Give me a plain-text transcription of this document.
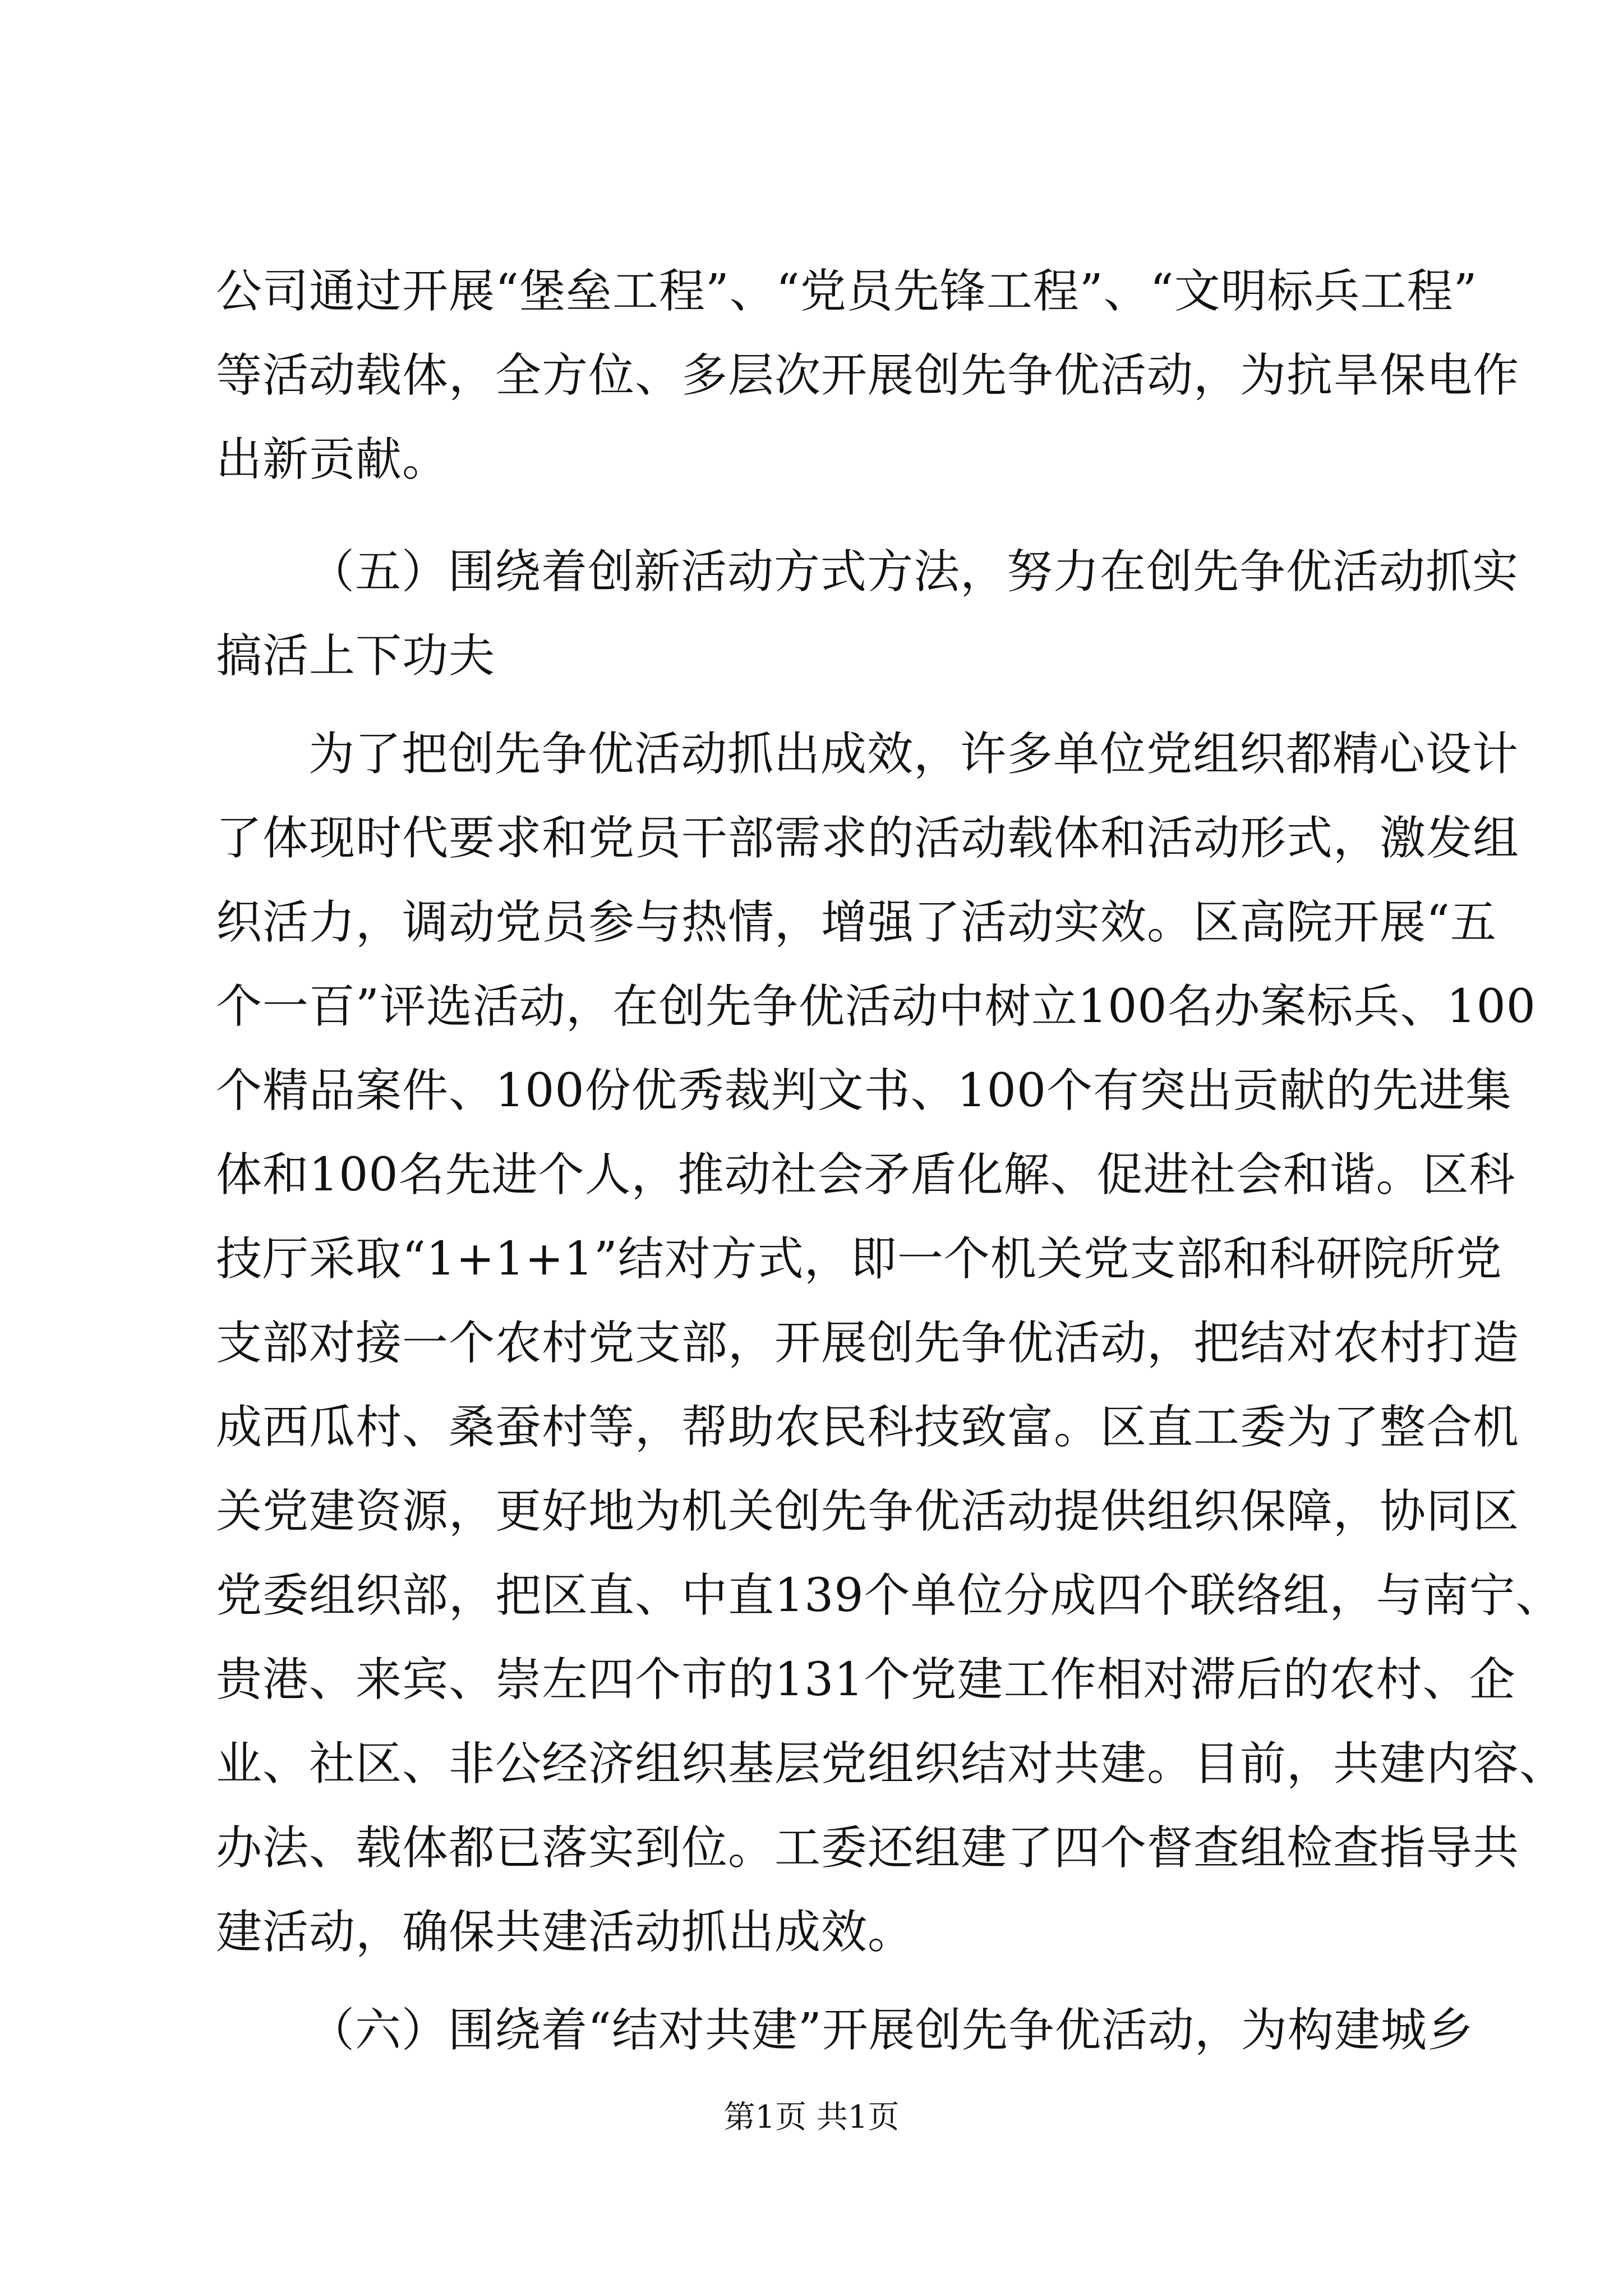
公司通过开展“堡垒工程”、“党员先锋工程”、“文明标兵工程”
等活动载体，全方位、多层次开展创先争优活动，为抗旱保电作
出新贡献。
（五）围绕着创新活动方式方法，努力在创先争优活动抓实
搞活上下功夫
为了把创先争优活动抓出成效，许多单位党组织都精心设计
了体现时代要求和党员干部需求的活动载体和活动形式，激发组
织活力，调动党员参与热情，增强了活动实效。区高院开展“五
个一百”评选活动，在创先争优活动中树立100名办案标兵、100
个精品案件、100份优秀裁判文书、100个有突出贡献的先进集
体和100名先进个人，推动社会矛盾化解、促进社会和谐。区科
技厅采取“1+1+1”结对方式，即一个机关党支部和科研院所党
支部对接一个农村党支部，开展创先争优活动，把结对农村打造
成西瓜村、桑蚕村等，帮助农民科技致富。区直工委为了整合机
关党建资源，更好地为机关创先争优活动提供组织保障，协同区
党委组织部，把区直、中直139个单位分成四个联络组，与南宁、
贵港、来宾、崇左四个市的131个党建工作相对滞后的农村、企
业、社区、非公经济组织基层党组织结对共建。目前，共建内容、
办法、载体都已落实到位。工委还组建了四个督查组检查指导共
建活动，确保共建活动抓出成效。
（六）围绕着“结对共建”开展创先争优活动，为构建城乡
第1页 共1页
